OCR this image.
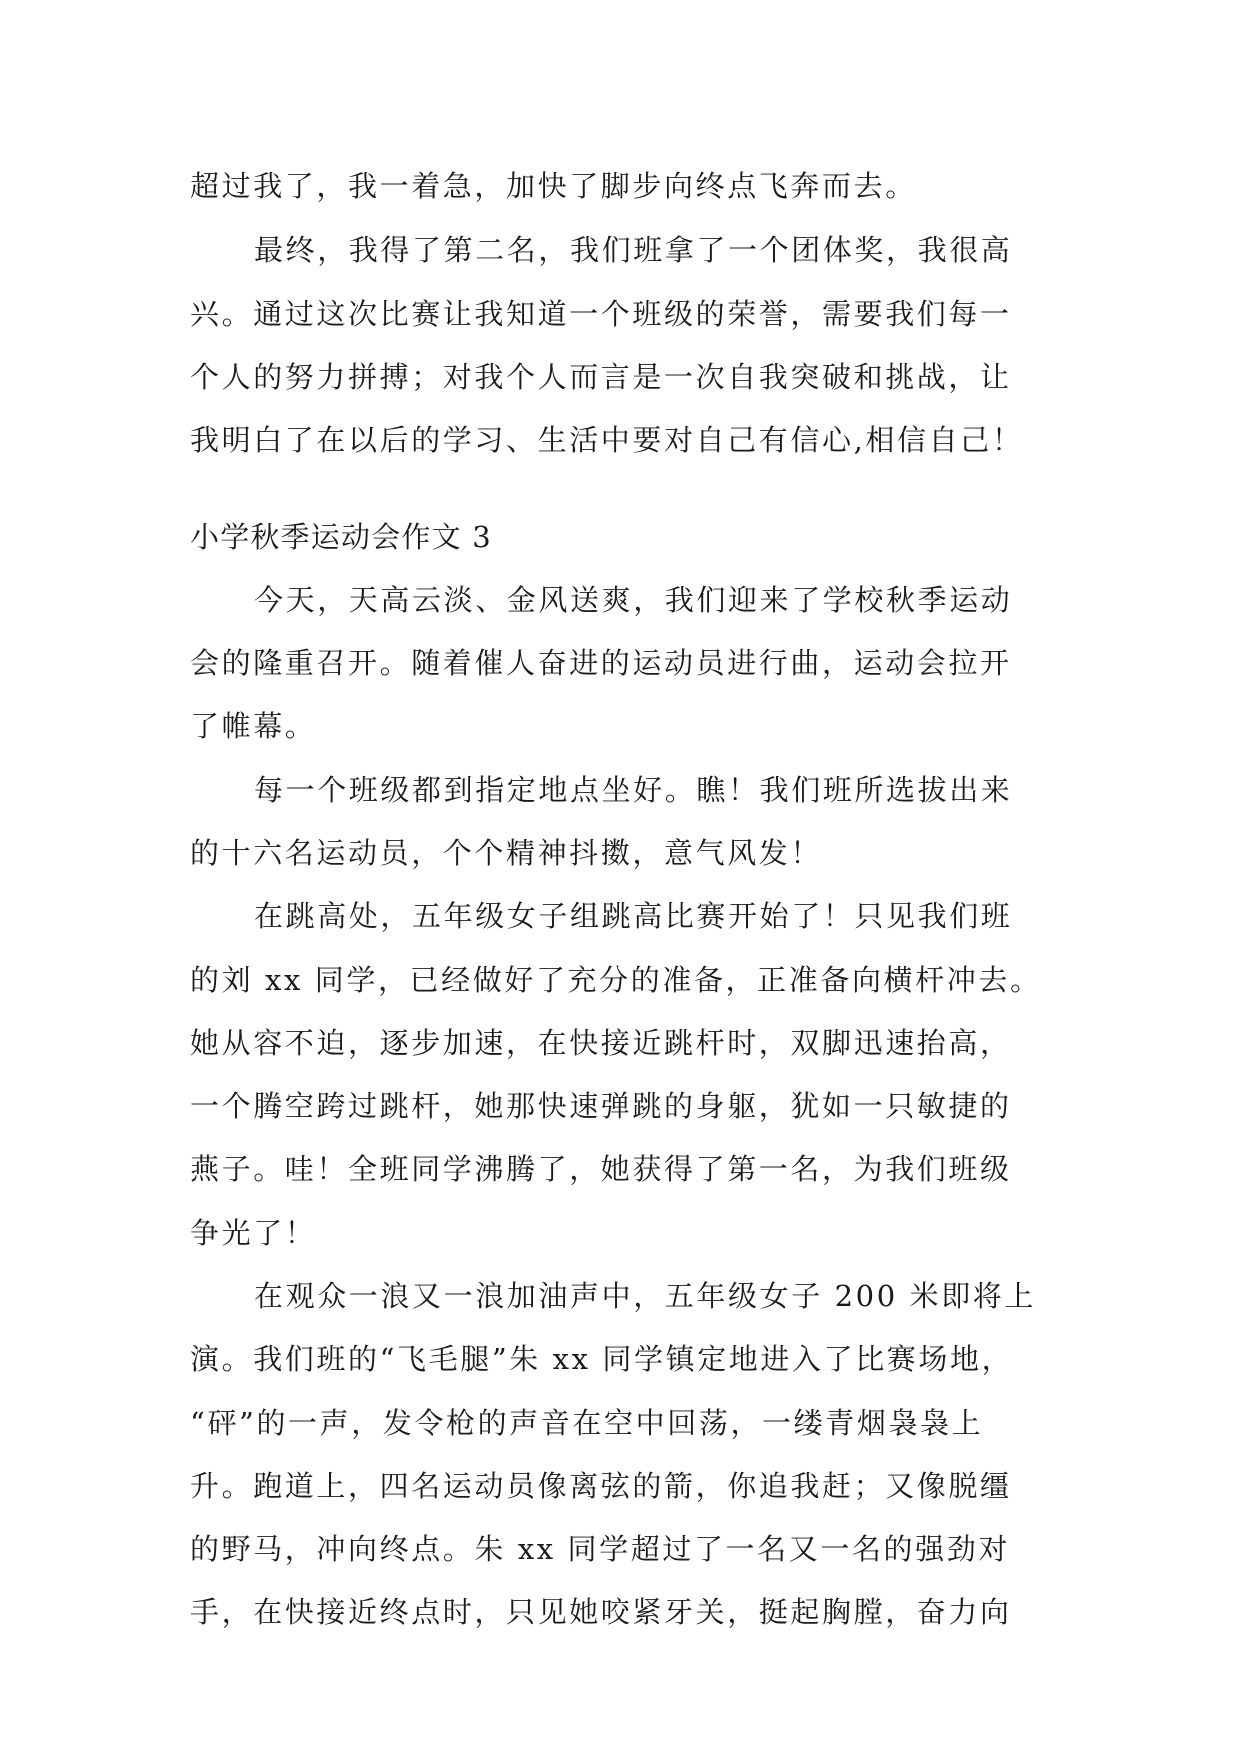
超过我了，我一着急，加快了脚步向终点飞奔而去。
最终，我得了第二名，我们班拿了一个团体奖，我很高
兴。通过这次比赛让我知道一个班级的荣誉，需要我们每一
个人的努力拼搏；对我个人而言是一次自我突破和挑战，让
我明白了在以后的学习、生活中要对自己有信心,相信自己！
小学秋季运动会作文 3
今天，天高云淡、金风送爽，我们迎来了学校秋季运动
会的隆重召开。随着催人奋进的运动员进行曲，运动会拉开
了帷幕。
每一个班级都到指定地点坐好。瞧！我们班所选拔出来
的十六名运动员，个个精神抖擞，意气风发！
在跳高处，五年级女子组跳高比赛开始了！只见我们班
的刘 xx 同学，已经做好了充分的准备，正准备向横杆冲去。
她从容不迫，逐步加速，在快接近跳杆时，双脚迅速抬高，
一个腾空跨过跳杆，她那快速弹跳的身躯，犹如一只敏捷的
燕子。哇！全班同学沸腾了，她获得了第一名，为我们班级
争光了！
在观众一浪又一浪加油声中，五年级女子 200 米即将上
演。我们班的“飞毛腿”朱 xx 同学镇定地进入了比赛场地，
“砰”的一声，发令枪的声音在空中回荡，一缕青烟袅袅上
升。跑道上，四名运动员像离弦的箭，你追我赶；又像脱缰
的野马，冲向终点。朱 xx 同学超过了一名又一名的强劲对
手，在快接近终点时，只见她咬紧牙关，挺起胸膛，奋力向
